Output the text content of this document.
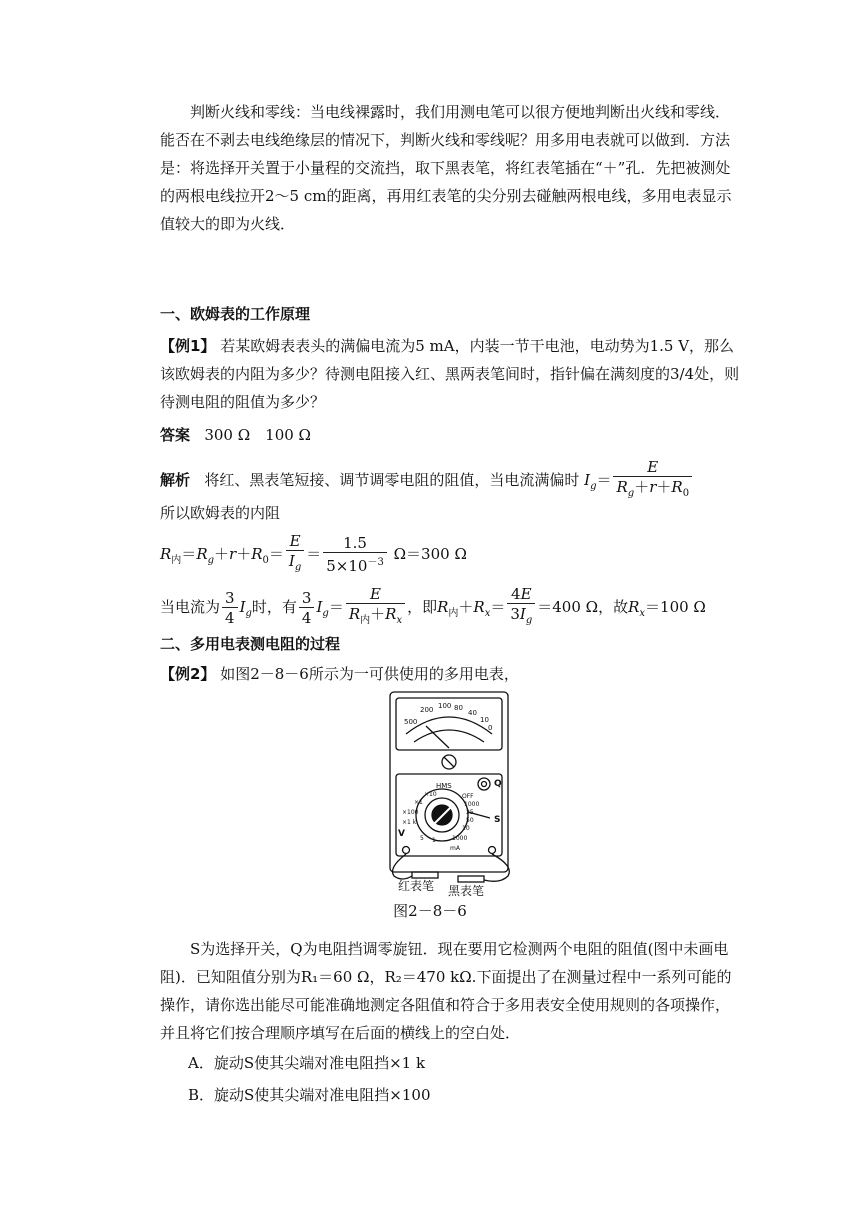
判断火线和零线：当电线裸露时，我们用测电笔可以很方便地判断出火线和零线．能否在不剥去电线绝缘层的情况下，判断火线和零线呢？用多用电表就可以做到．方法是：将选择开关置于小量程的交流挡，取下黑表笔，将红表笔插在“＋”孔．先把被测处的两根电线拉开2～5 cm的距离，再用红表笔的尖分别去碰触两根电线，多用电表显示值较大的即为火线．
一、欧姆表的工作原理
【例1】 若某欧姆表表头的满偏电流为5 mA，内装一节干电池，电动势为1.5 V，那么该欧姆表的内阻为多少？待测电阻接入红、黑两表笔间时，指针偏在满刻度的3/4处，则待测电阻的阻值为多少？
答案 300 Ω　100 Ω
解析 将红、黑表笔短接、调节调零电阻的阻值，当电流满偏时 $I_g= \frac{E}{R_g+r+R_0}$
所以欧姆表的内阻
$R_内=R_g+r+R_0= \frac{E}{I_g} = \frac{1.5}{5\times 10^{-3}} \Omega=300$ Ω
当电流为 $\frac{3}{4} I_g$时，有 $\frac{3}{4} I_g= \frac{E}{R_内+R_x}$ ，即$R_内+R_x= \frac{4E}{3I_g} =400$ Ω，故$R_x=100$ Ω
二、多用电表测电阻的过程
【例2】 如图2－8－6所示为一可供使用的多用电表，
500
200 100 80
40
10
0
HMS
×10
×1
×100
×1 k
OFF
1000
25
50
10
5 1	1000
mA
Q
S
V
红表笔 黑表笔
图2－8－6
S为选择开关，Q为电阻挡调零旋钮．现在要用它检测两个电阻的阻值(图中未画电阻)．已知阻值分别为R₁＝60 Ω，R₂＝470 kΩ.下面提出了在测量过程中一系列可能的操作，请你选出能尽可能准确地测定各阻值和符合于多用表安全使用规则的各项操作，并且将它们按合理顺序填写在后面的横线上的空白处．
A．旋动S使其尖端对准电阻挡×1 k
B．旋动S使其尖端对准电阻挡×100
